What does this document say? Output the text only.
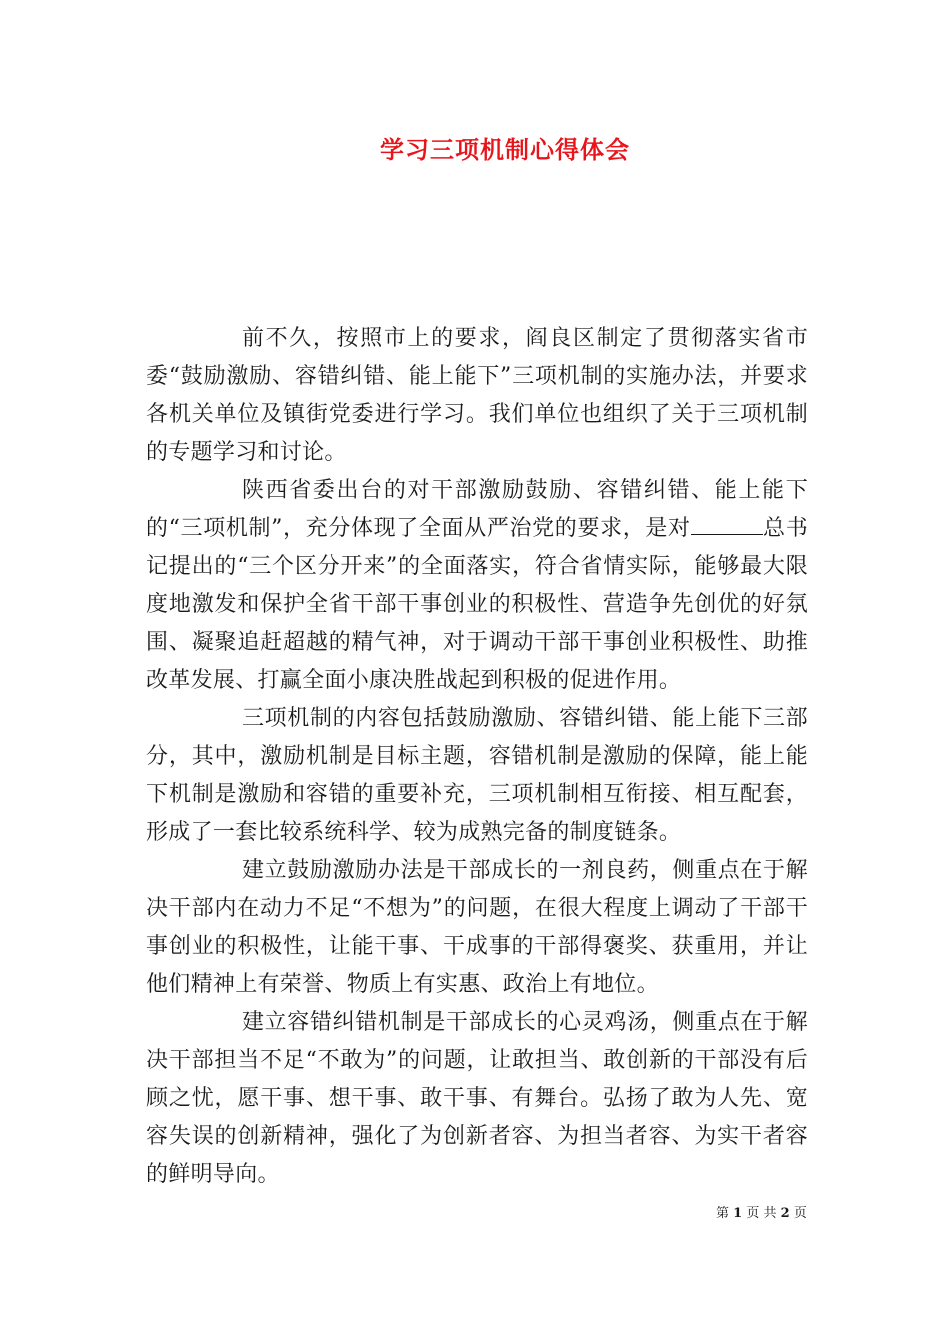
学习三项机制心得体会

前不久，按照市上的要求，阎良区制定了贯彻落实省市委“鼓励激励、容错纠错、能上能下”三项机制的实施办法，并要求各机关单位及镇街党委进行学习。我们单位也组织了关于三项机制的专题学习和讨论。

陕西省委出台的对干部激励鼓励、容错纠错、能上能下的“三项机制”，充分体现了全面从严治党的要求，是对	总书记提出的“三个区分开来”的全面落实，符合省情实际，能够最大限度地激发和保护全省干部干事创业的积极性、营造争先创优的好氛围、凝聚追赶超越的精气神，对于调动干部干事创业积极性、助推改革发展、打赢全面小康决胜战起到积极的促进作用。

三项机制的内容包括鼓励激励、容错纠错、能上能下三部分，其中，激励机制是目标主题，容错机制是激励的保障，能上能下机制是激励和容错的重要补充，三项机制相互衔接、相互配套，形成了一套比较系统科学、较为成熟完备的制度链条。

建立鼓励激励办法是干部成长的一剂良药，侧重点在于解决干部内在动力不足“不想为”的问题，在很大程度上调动了干部干事创业的积极性，让能干事、干成事的干部得褒奖、获重用，并让他们精神上有荣誉、物质上有实惠、政治上有地位。

建立容错纠错机制是干部成长的心灵鸡汤，侧重点在于解决干部担当不足“不敢为”的问题，让敢担当、敢创新的干部没有后顾之忧，愿干事、想干事、敢干事、有舞台。弘扬了敢为人先、宽容失误的创新精神，强化了为创新者容、为担当者容、为实干者容的鲜明导向。

第 1 页 共 2 页
